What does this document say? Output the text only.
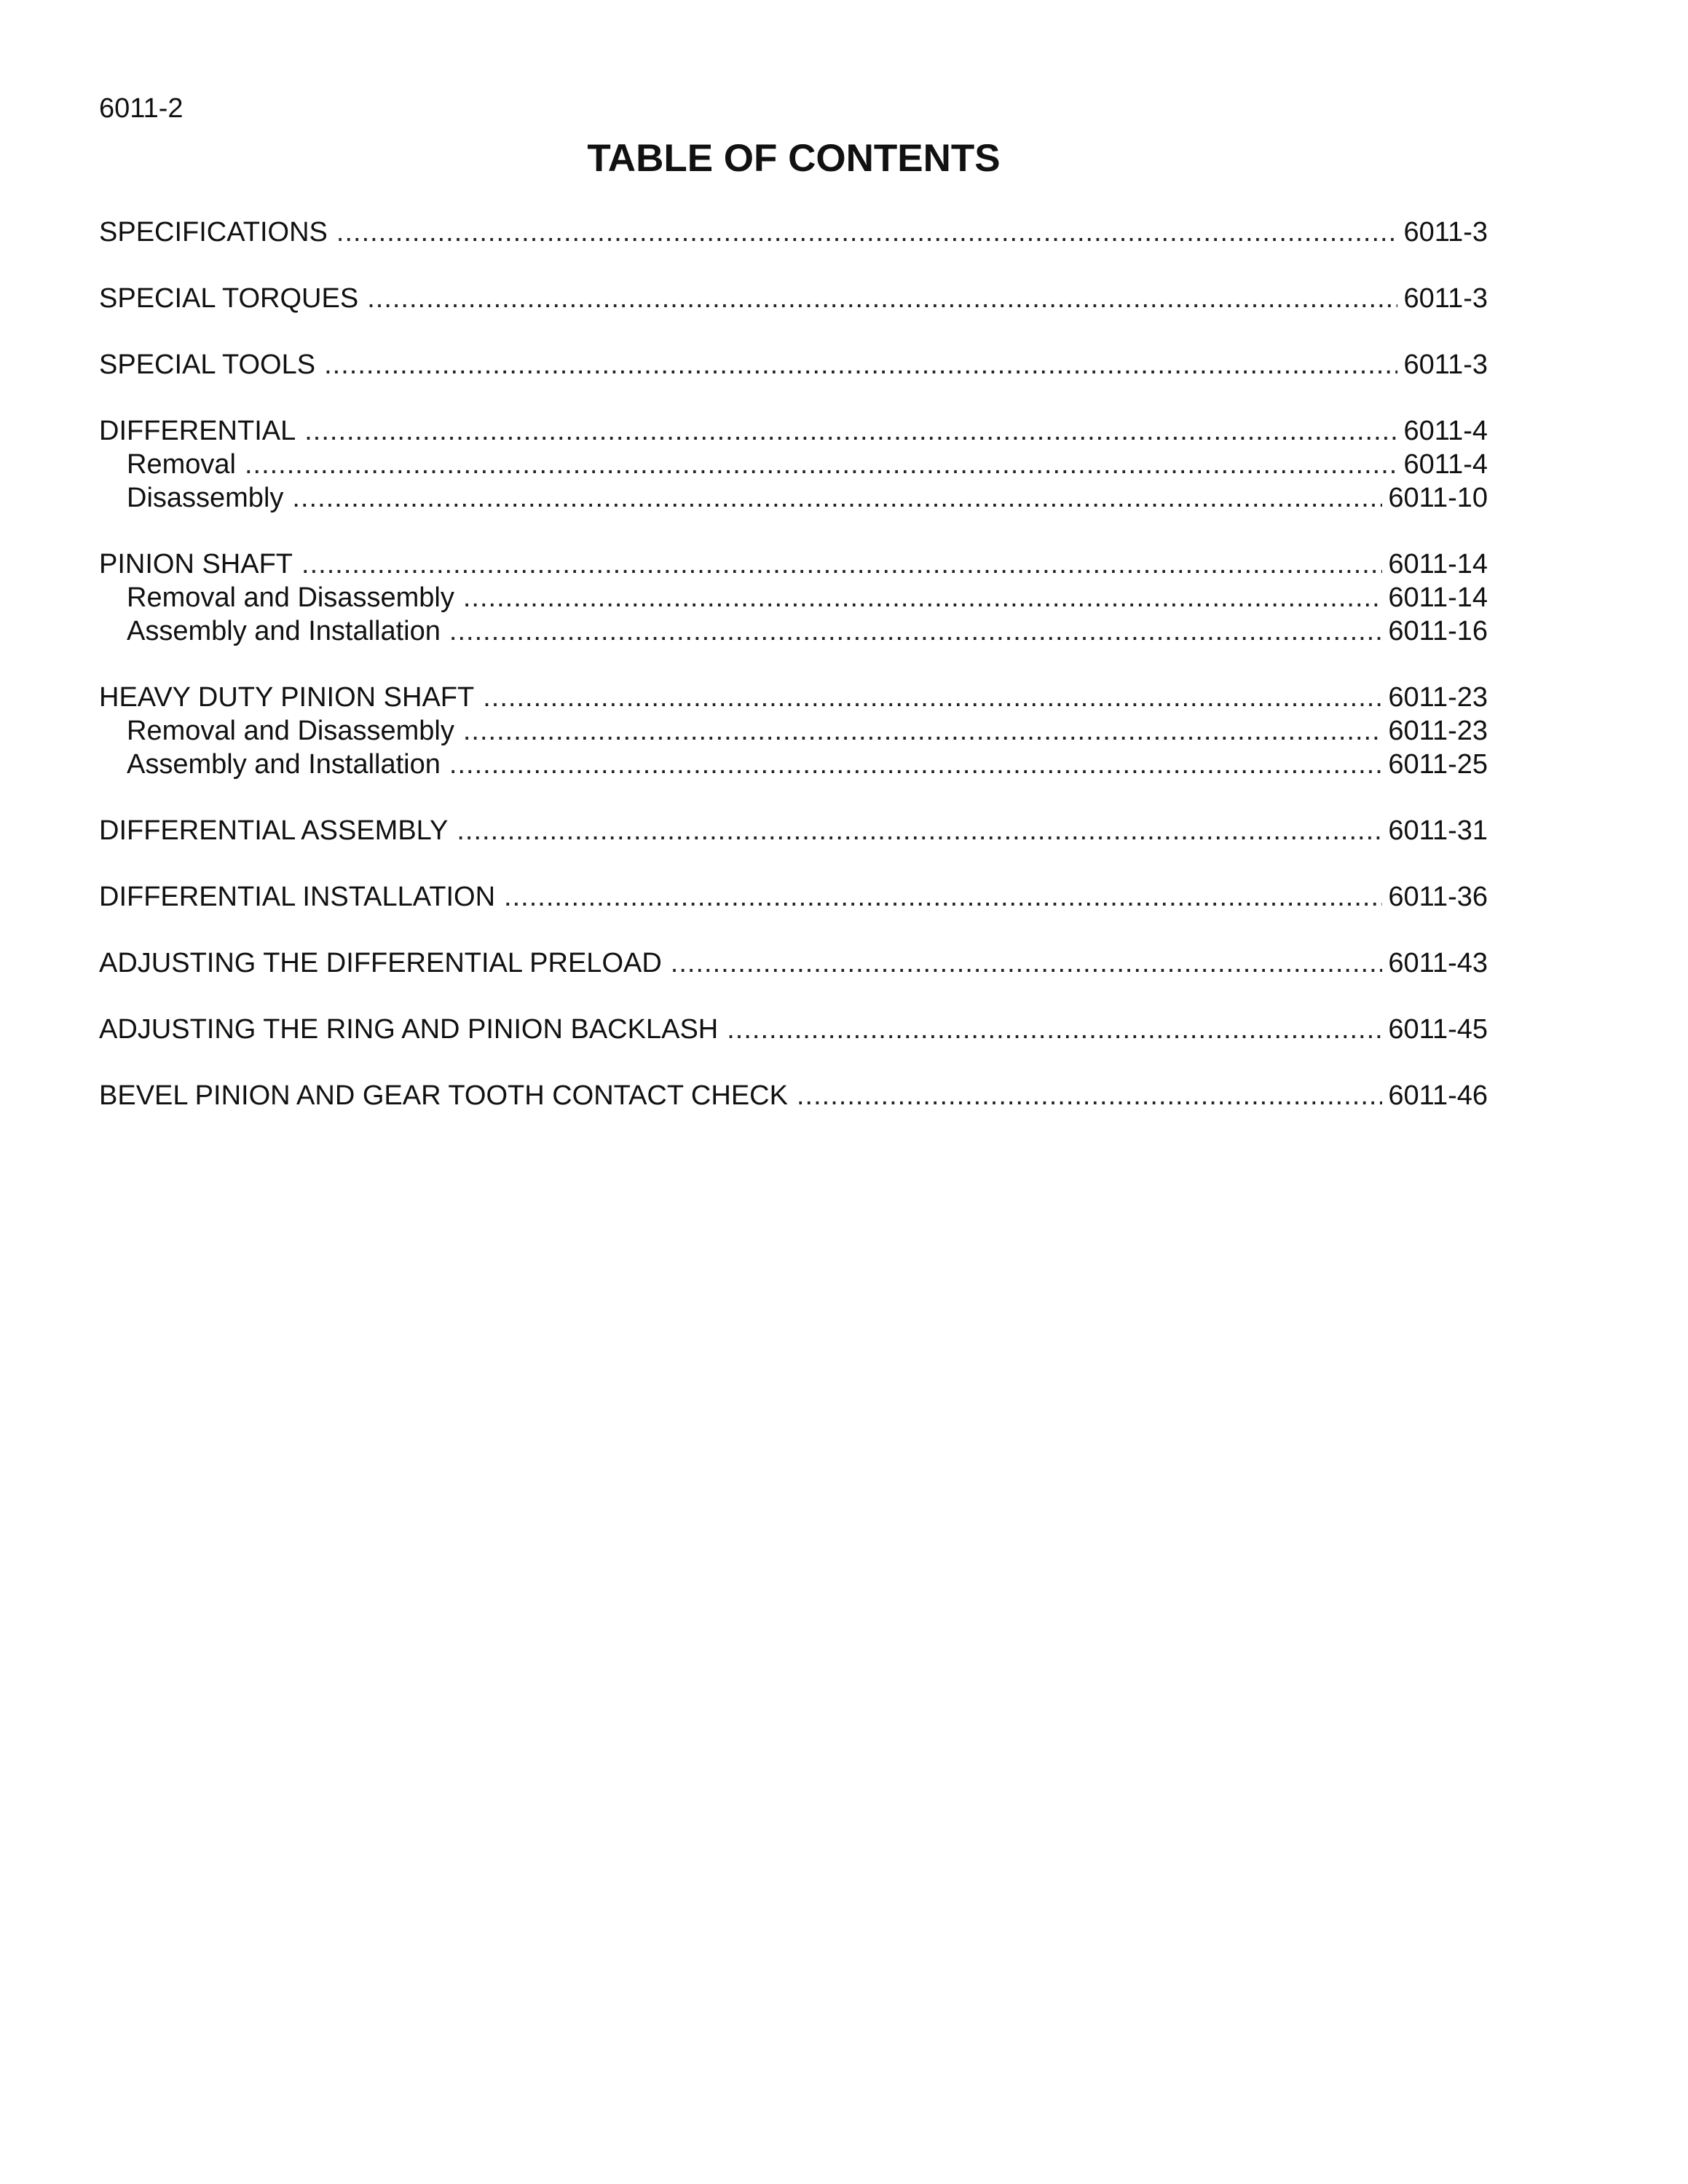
6011-2
TABLE OF CONTENTS
SPECIFICATIONS .....	6011-3
SPECIAL TORQUES .....	6011-3
SPECIAL TOOLS .....	6011-3
DIFFERENTIAL .....	6011-4
Removal .....	6011-4
Disassembly .....	6011-10
PINION SHAFT .....	6011-14
Removal and Disassembly .....	6011-14
Assembly and Installation .....	6011-16
HEAVY DUTY PINION SHAFT .....	6011-23
Removal and Disassembly .....	6011-23
Assembly and Installation .....	6011-25
DIFFERENTIAL ASSEMBLY .....	6011-31
DIFFERENTIAL INSTALLATION .....	6011-36
ADJUSTING THE DIFFERENTIAL PRELOAD .....	6011-43
ADJUSTING THE RING AND PINION BACKLASH .....	6011-45
BEVEL PINION AND GEAR TOOTH CONTACT CHECK .....	6011-46
